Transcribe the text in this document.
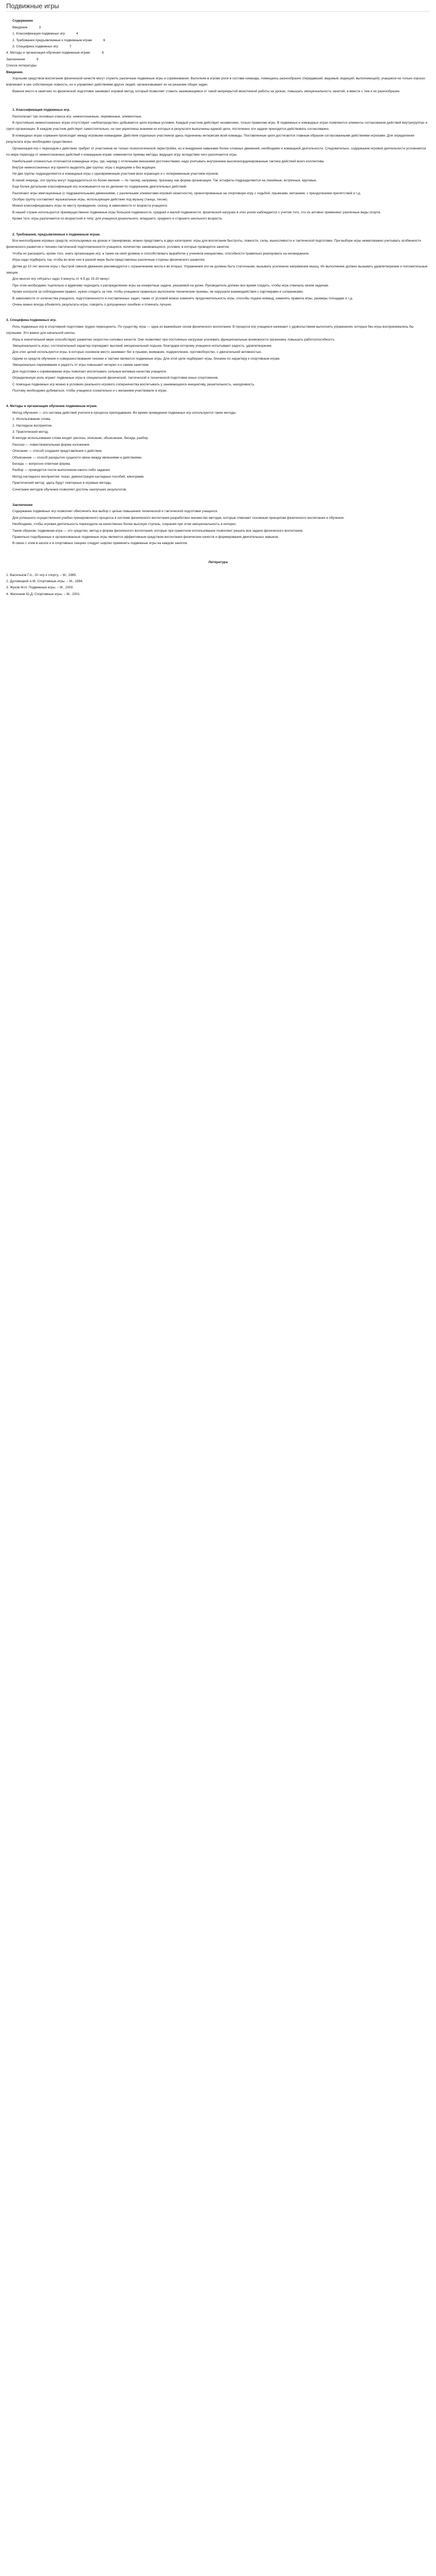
Подвижные игры

Содержание

Введение	3

1. Классификация подвижных игр	4

2. Требования предъявляемые к подвижным играм	6

3. Специфика подвижных игр	7

4. Методы и организация обучения подвижным играм.	8

Заключение	9

Список литературы

Введение.

Хорошим средством воспитания физической качеств могут служить различные подвижные игры и соревнования. Выполняя в игрове роли в составе команды, помещаясь разнообразно (передавший, ведомый, водящий, выполняющий), учащиеся не только хорошо вовлекают в них собственную ловкость, но и управляют действиями других людей, организовывают их на решение общих задач.

Важное место в занятиях по физической подготовке занимают игровой метод, который позволяет ставить занимающимся от такой неприкрытой монотонной работы на уроках, повышать эмоциональность занятий, а вместе с тем и их разнообразие.

1. Классификация подвижных игр.

Располагает три основных класса игр: немногозначные, переменные, элементные.

В простейших немногозначных играх отсутствуют «неблагородство» добывается цели игровые условия. Каждый участник действует независимо, только правилам игры. В подвижных и командных играх появляются элементы согласования действий внутригруппах и групп организации. В каждом участник действует самостоятельно, но они укреплены знанием из которых в результате выполнены единой цели, постепенно эти задачи приходятся действовать согласованно.

В командных играх сорвания происходят между игровыми командами. Действия отдельных участников здесь подчинены интересам всей команды. Поставленные цели достигаются главным образом согласованными действиями игроками. Для определения результата игры необходимо существенно.

Организация игр с переходом к действию требует от участников не только психологической перестройки, но и внедрения навыками более сложных движений, необходимо и командной деятельности. Следовательно, содержание игровой деятельности усложняется по мере перехода от немногозначных действий к командным играм; изменяются приемы методы, ведущих игру, вследствие чего различаются игры.

Наибольшей сложностью отличаются командные игры, где, наряду с отличными внешними достоинствами, надо учитывать внутреннюю высококоординированные тактика действий всего коллектива.

Внутри немногозначных игр принято выделять две группы: игры с водящими и без водящих.

Ни две группы подразделяются и командные игры с одновременным участием всех играющих и с попеременным участием игроков.

В своей очередь, эти группы могут подразделяться по более мелким — по такому, например, признаку, как форма организации. Так эстафеты подразделяются на линейные, встречные, круговые.

Еще более детальная классификация игр основывается на их делении по содержанию двигательных действий.

Различают игры имитационные (с подражательными движениями, с различными элементами игровой сюжетности), ориентированные на спортивную игру с ходьбой, прыжками, метанием, с преодолением препятствий и т.д.

Особую группу составляют музыкальные игры, использующие действие под музыку (танцы, песни).

Можно классифицировать игры по месту проведения, сезону, в зависимости от возраста учащихся.

В нашей стране используются преимущественно подвижные игры большой подвижности, средней и малой подвижности, физической нагрузке в этих ролях наблюдается с учетом того, что их активно применяют различные виды спорта.

Кроме того, игры различаются по возрастной и типу: для учащихся дошкольного, младшего, среднего и старшего школьного возраста.

2. Требования, предъявляемые к подвижным играм.

Все многообразие игровых средств, используемых на уроках и тренировках, можно представить в двух категориях: игры для воспитания быстроты, ловкости, силы, выносливости и тактической подготовки. При выборе игры немаловажно учитывать особенности физического развития и технико-тактической подготовленности учащихся, количество занимающихся, условия, в которых проводятся занятия.

Чтобы их расширить, кроме того, знать организацию игр, а также на свой уровень и способствовать выработке у учеников инициативы, способности правильно реагировать на неожиданное.

Игры надо подбирать так, чтобы во всех них в разной мере были представлены различные стороны физического развития.

Детям до 10 лет многие игры с быстрой сменой движения рекомендуется с ограничением числа и во вторых. Упражнения эти не должны быть статичными, вызывать усиленное напряжение мышц. Их выполнение должно вызывать удовлетворение и положительные эмоции.

Для многих игр «Играть» надо 3 минуты от 4-5 до 15-20 минут.

При этом необходимо тщательно и вдумчиво подходить к распределению игры на конкретные задачи, решаемой на уроке. Руководитель должен все время следить, чтобы игра отвечала своим задачам.

Кроме контроля за соблюдением правил, нужно следить за тем, чтобы учащиеся правильно выполняли технические приемы, не нарушали взаимодействия с партнерами и соперниками.

В зависимости от количества учащихся, подготовленности и поставленных задач, также от условий можно изменять продолжительность игры, способы подачи команд, изменять правила игры, размеры площадки и т.д.

Очень важно всегда объявлять результаты игры, говорить о допущенных ошибках и отмечать лучших.

3. Специфика подвижных игр.

Роль подвижных игр в спортивной подготовке трудно переоценить. По существу, игра — одна из важнейших основ физического воспитания. В процессе игр учащиеся начинают с удовольствием выполнять упражнения, которые без игры воспринимались бы скучными. Это важно для начальной школы.

Игры в значительной мере способствуют развитию скоростно-силовых качеств. Они позволяют при постоянных нагрузках усиливать функциональные возможности организма, повышать работоспособность.

Эмоциональность игры, состязательный характер порождают высокий эмоциональный подъем, благодаря которому учащиеся испытывают радость, удовлетворение.

Для этих целей используются игры, в которых основное место занимают бег и прыжки, внимание, подкрепление, противоборство, с двигательной активностью.

Одним из средств обучения и совершенствования техники и тактики являются подвижные игры. Для этой цели подбирают игры, близкие по характеру к спортивным играм.

Эмоционально переживание и радость от игры повышают интерес и к самим занятиям.

Для подготовки к соревнованию игры помогают воспитывать сильные волевые качества учащихся.

Определенную роль играют подвижные игры в специальной физической, тактической и технической подготовке юных спортсменов.

С помощью подвижных игр можно в условиях реального игрового соперничества воспитывать у занимающихся инициативу, решительность, находчивость.

Поэтому необходимо добиваться, чтобы учащиеся сознательно и с желанием участвовали в играх.

4. Методы и организация обучения подвижным играм.

Метод обучения — это система действий учителя в процессе преподавания. Во время проведения подвижных игр используются такие методы:

1. Использование слова.

2. Наглядное восприятие.

3. Практический метод.

В методе использования слова входят рассказ, описание, объяснение, беседа, разбор.

Рассказ — повествовательная форма изложения.

Описание — способ создания представления о действии.

Объяснение — способ раскрытия сущности связи между явлениями и действиями.

Беседа — вопросно-ответная форма.

Разбор — проводится после выполнения какого-либо задания.

Метод наглядного восприятия: показ, демонстрация наглядных пособий, кинограмм.

Практический метод: здесь будут повторные и игровые методы.

Сочетание методов обучения позволяет достичь наилучших результатов.

Заключение

Содержание подвижных игр позволяет обеспечить все выбор с целью повышения технической и тактической подготовки учащихся.

Для успешного осуществления учебно-тренировочного процесса в системе физического воспитания разработано множество методик, которые отвечают основным принципам физического воспитания и обучения.

Необходимо, чтобы игровая деятельность переходила на качественно более высокую ступень, сохраняя при этом эмоциональность и интерес.

Таким образом, подвижная игра — это средство, метод и форма физического воспитания, которые при грамотном использовании позволяют решать все задачи физического воспитания.

Правильно подобранные и организованные подвижные игры являются эффективным средством воспитания физических качеств и формирования двигательных навыков.

В связи с этим в школе и в спортивных секциях следует широко применять подвижные игры на каждом занятии.

Литература

1. Васильков Г.А., От игр к спорту. – М., 1985.

2. Дуловицкий А.М. Спортивные игры. – М., 1994.

3. Жуков М.Н. Подвижные игры. – М., 2000.

4. Железняк Ю.Д. Спортивные игры. – М., 2001.
